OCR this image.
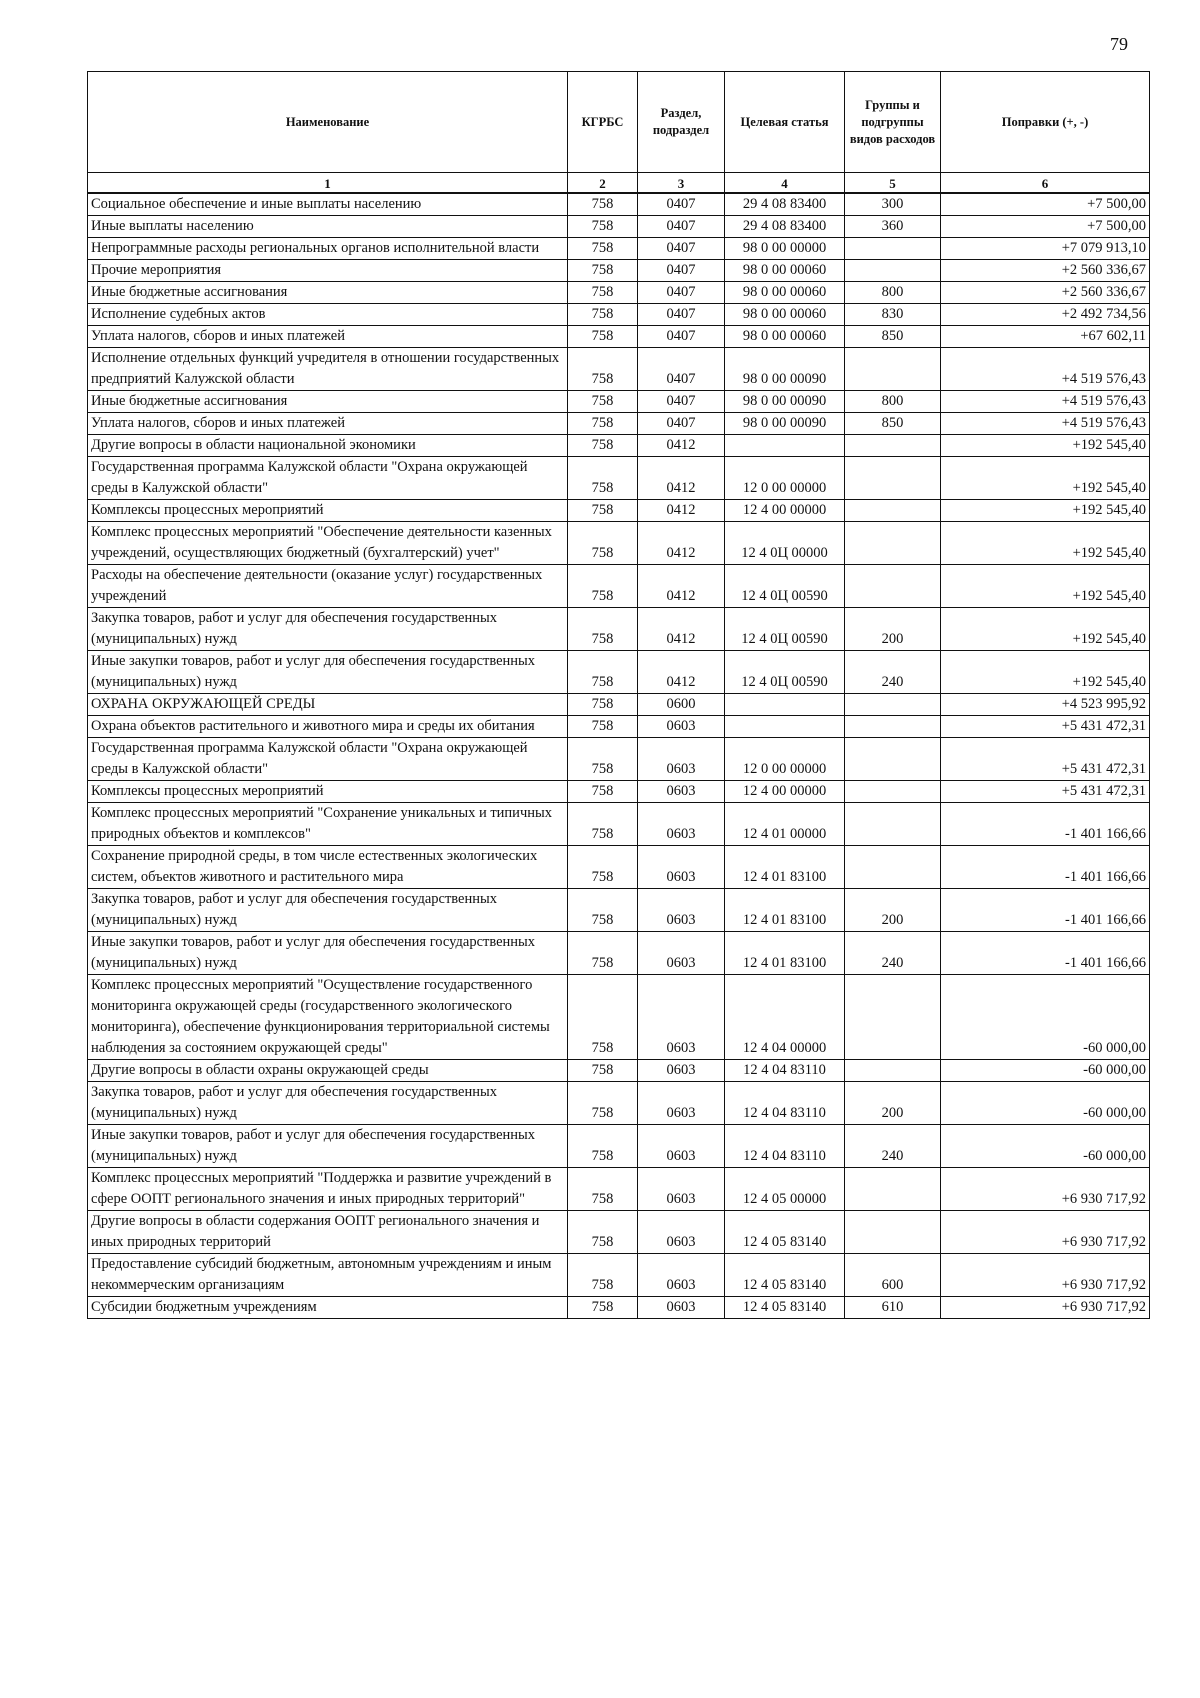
79
Наименование	КГРБС	Раздел, подраздел	Целевая статья	Группы и подгруппы видов расходов	Поправки (+, -)
1	2	3	4	5	6
Социальное обеспечение и иные выплаты населению	758	0407	29 4 08 83400	300	+7 500,00
Иные выплаты населению	758	0407	29 4 08 83400	360	+7 500,00
Непрограммные расходы региональных органов исполнительной власти	758	0407	98 0 00 00000		+7 079 913,10
Прочие мероприятия	758	0407	98 0 00 00060		+2 560 336,67
Иные бюджетные ассигнования	758	0407	98 0 00 00060	800	+2 560 336,67
Исполнение судебных актов	758	0407	98 0 00 00060	830	+2 492 734,56
Уплата налогов, сборов и иных платежей	758	0407	98 0 00 00060	850	+67 602,11
Исполнение отдельных функций учредителя в отношении государственных предприятий Калужской области	758	0407	98 0 00 00090		+4 519 576,43
Иные бюджетные ассигнования	758	0407	98 0 00 00090	800	+4 519 576,43
Уплата налогов, сборов и иных платежей	758	0407	98 0 00 00090	850	+4 519 576,43
Другие вопросы в области национальной экономики	758	0412			+192 545,40
Государственная программа Калужской области "Охрана окружающей среды в Калужской области"	758	0412	12 0 00 00000		+192 545,40
Комплексы процессных мероприятий	758	0412	12 4 00 00000		+192 545,40
Комплекс процессных мероприятий "Обеспечение деятельности казенных учреждений, осуществляющих бюджетный (бухгалтерский) учет"	758	0412	12 4 0Ц 00000		+192 545,40
Расходы на обеспечение деятельности (оказание услуг) государственных учреждений	758	0412	12 4 0Ц 00590		+192 545,40
Закупка товаров, работ и услуг для обеспечения государственных (муниципальных) нужд	758	0412	12 4 0Ц 00590	200	+192 545,40
Иные закупки товаров, работ и услуг для обеспечения государственных (муниципальных) нужд	758	0412	12 4 0Ц 00590	240	+192 545,40
ОХРАНА ОКРУЖАЮЩЕЙ СРЕДЫ	758	0600			+4 523 995,92
Охрана объектов растительного и животного мира и среды их обитания	758	0603			+5 431 472,31
Государственная программа Калужской области "Охрана окружающей среды в Калужской области"	758	0603	12 0 00 00000		+5 431 472,31
Комплексы процессных мероприятий	758	0603	12 4 00 00000		+5 431 472,31
Комплекс процессных мероприятий "Сохранение уникальных и типичных природных объектов и комплексов"	758	0603	12 4 01 00000		-1 401 166,66
Сохранение природной среды, в том числе естественных экологических систем, объектов животного и растительного мира	758	0603	12 4 01 83100		-1 401 166,66
Закупка товаров, работ и услуг для обеспечения государственных (муниципальных) нужд	758	0603	12 4 01 83100	200	-1 401 166,66
Иные закупки товаров, работ и услуг для обеспечения государственных (муниципальных) нужд	758	0603	12 4 01 83100	240	-1 401 166,66
Комплекс процессных мероприятий "Осуществление государственного мониторинга окружающей среды (государственного экологического мониторинга), обеспечение функционирования территориальной системы наблюдения за состоянием окружающей среды"	758	0603	12 4 04 00000		-60 000,00
Другие вопросы в области охраны окружающей среды	758	0603	12 4 04 83110		-60 000,00
Закупка товаров, работ и услуг для обеспечения государственных (муниципальных) нужд	758	0603	12 4 04 83110	200	-60 000,00
Иные закупки товаров, работ и услуг для обеспечения государственных (муниципальных) нужд	758	0603	12 4 04 83110	240	-60 000,00
Комплекс процессных мероприятий "Поддержка и развитие учреждений в сфере ООПТ регионального значения и иных природных территорий"	758	0603	12 4 05 00000		+6 930 717,92
Другие вопросы в области содержания ООПТ регионального значения и иных природных территорий	758	0603	12 4 05 83140		+6 930 717,92
Предоставление субсидий бюджетным, автономным учреждениям и иным некоммерческим организациям	758	0603	12 4 05 83140	600	+6 930 717,92
Субсидии бюджетным учреждениям	758	0603	12 4 05 83140	610	+6 930 717,92
